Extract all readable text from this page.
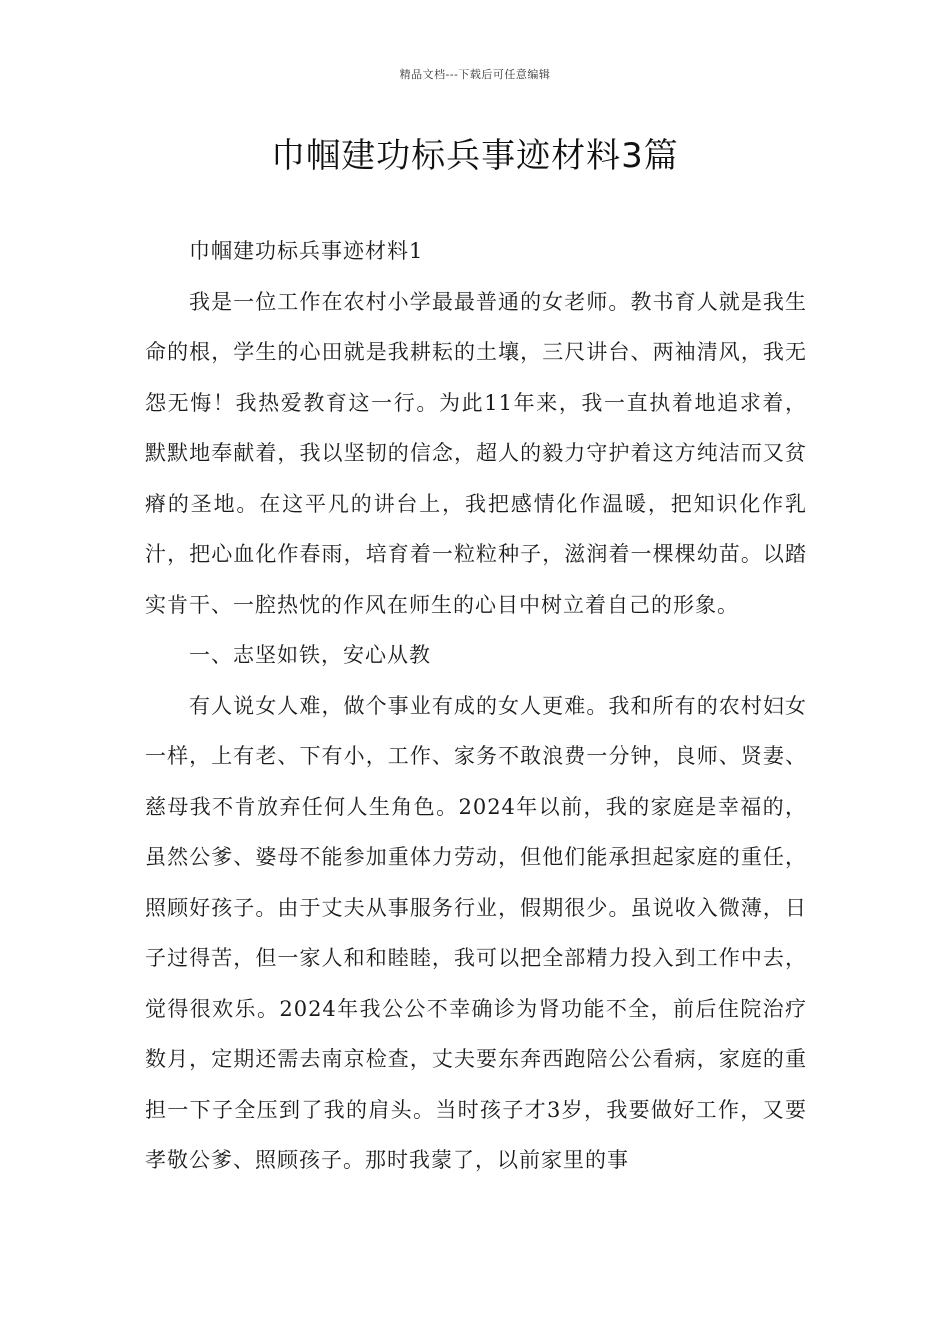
精品文档---下载后可任意编辑
巾帼建功标兵事迹材料3篇

巾帼建功标兵事迹材料1

我是一位工作在农村小学最最普通的女老师。教书育人就是我生命的根，学生的心田就是我耕耘的土壤，三尺讲台、两袖清风，我无怨无悔！我热爱教育这一行。为此11年来，我一直执着地追求着，默默地奉献着，我以坚韧的信念，超人的毅力守护着这方纯洁而又贫瘠的圣地。在这平凡的讲台上，我把感情化作温暖，把知识化作乳汁，把心血化作春雨，培育着一粒粒种子，滋润着一棵棵幼苗。以踏实肯干、一腔热忱的作风在师生的心目中树立着自己的形象。

一、志坚如铁，安心从教

有人说女人难，做个事业有成的女人更难。我和所有的农村妇女一样，上有老、下有小，工作、家务不敢浪费一分钟，良师、贤妻、慈母我不肯放弃任何人生角色。2024年以前，我的家庭是幸福的，虽然公爹、婆母不能参加重体力劳动，但他们能承担起家庭的重任，照顾好孩子。由于丈夫从事服务行业，假期很少。虽说收入微薄，日子过得苦，但一家人和和睦睦，我可以把全部精力投入到工作中去，觉得很欢乐。2024年我公公不幸确诊为肾功能不全，前后住院治疗数月，定期还需去南京检查，丈夫要东奔西跑陪公公看病，家庭的重担一下子全压到了我的肩头。当时孩子才3岁，我要做好工作，又要孝敬公爹、照顾孩子。那时我蒙了，以前家里的事
